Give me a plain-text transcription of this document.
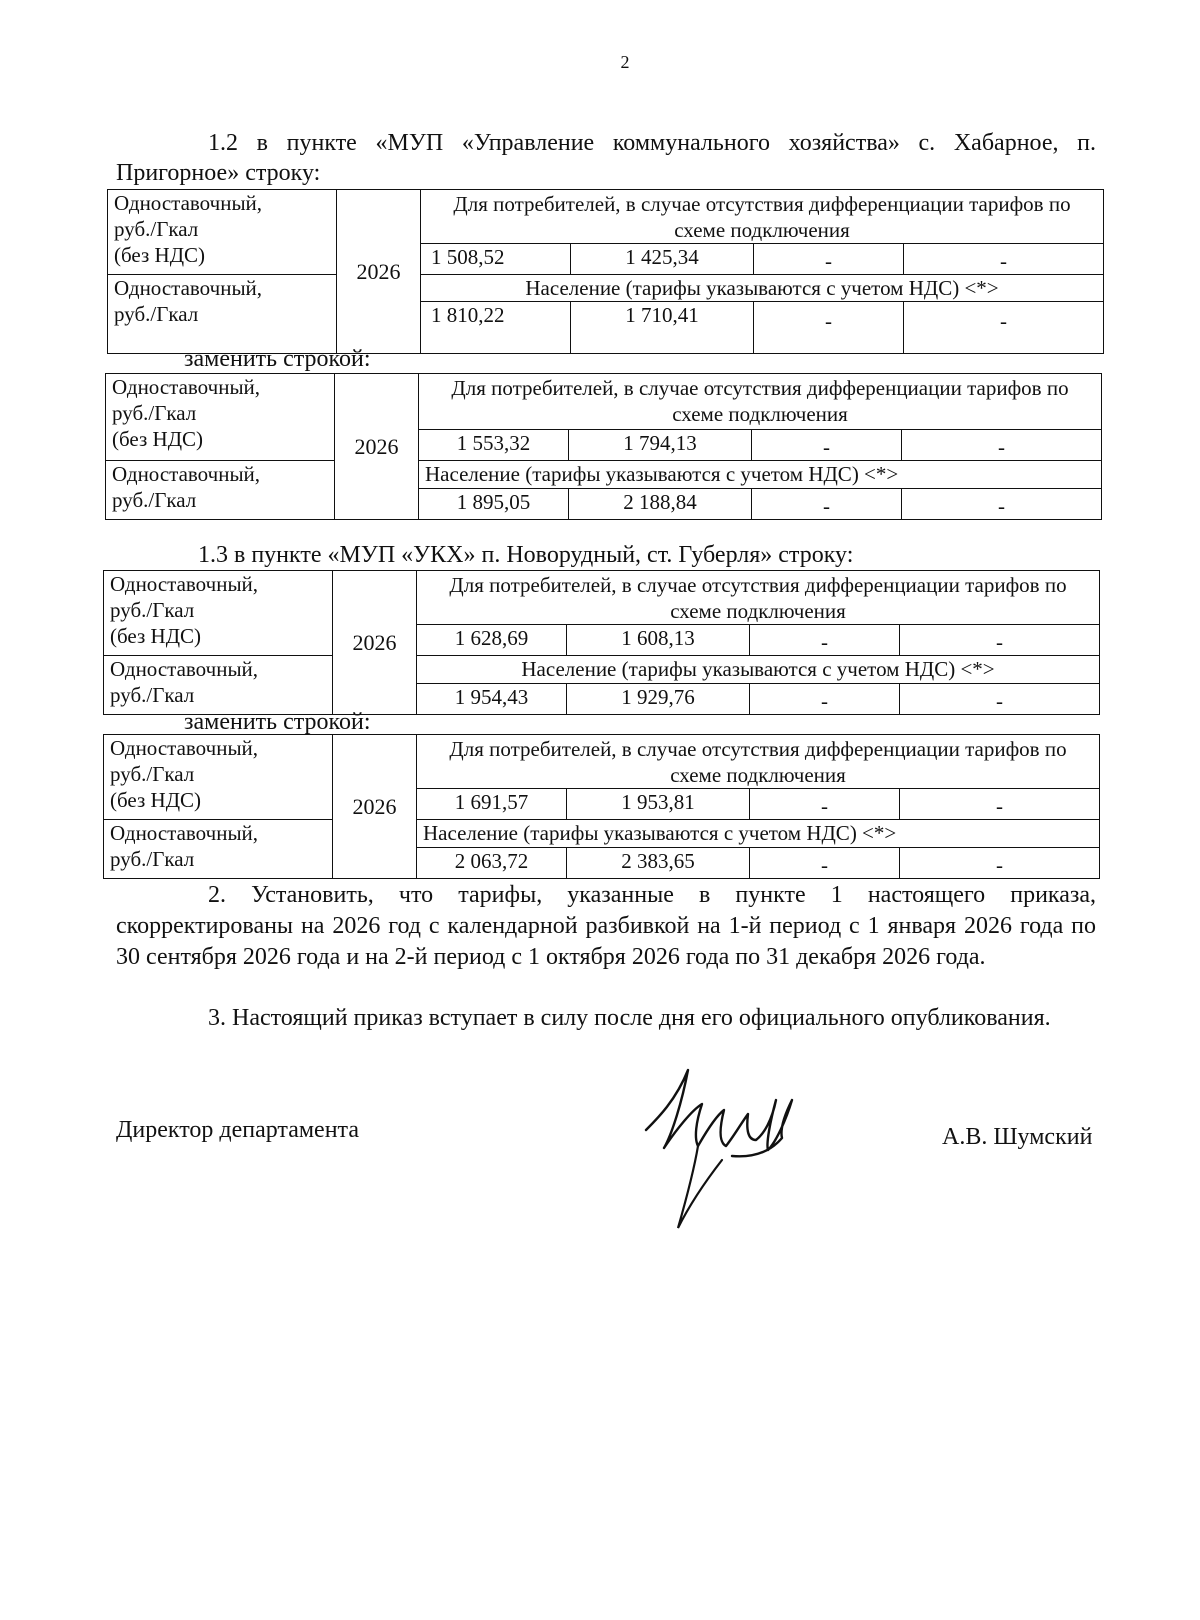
2
1.2 в пункте «МУП «Управление коммунального хозяйства» с. Хабарное, п. Пригорное» строку:
Одноставочный,
руб./Гкал
(без НДС)	2026	Для потребителей, в случае отсутствия дифференциации тарифов по схеме подключения			
		1 508,52	1 425,34	-	-

Одноставочный,
руб./Гкал		Население (тарифы указываются с учетом НДС) <*>			
		1 810,22	1 710,41	-	-
заменить строкой:
Одноставочный,
руб./Гкал
(без НДС)	2026	Для потребителей, в случае отсутствия дифференциации тарифов по схеме подключения			
		1 553,32	1 794,13	-	-

Одноставочный,
руб./Гкал		Население (тарифы указываются с учетом НДС) <*>			
		1 895,05	2 188,84	-	-
1.3 в пункте «МУП «УКХ» п. Новорудный, ст. Губерля» строку:
Одноставочный,
руб./Гкал
(без НДС)	2026	Для потребителей, в случае отсутствия дифференциации тарифов по схеме подключения			
		1 628,69	1 608,13	-	-

Одноставочный,
руб./Гкал		Население (тарифы указываются с учетом НДС) <*>			
		1 954,43	1 929,76	-	-
заменить строкой:
Одноставочный,
руб./Гкал
(без НДС)	2026	Для потребителей, в случае отсутствия дифференциации тарифов по схеме подключения			
		1 691,57	1 953,81	-	-

Одноставочный,
руб./Гкал		Население (тарифы указываются с учетом НДС) <*>			
		2 063,72	2 383,65	-	-
2. Установить, что тарифы, указанные в пункте 1 настоящего приказа, скорректированы на 2026 год с календарной разбивкой на 1-й период с 1 января 2026 года по 30 сентября 2026 года и на 2-й период с 1 октября 2026 года по 31 декабря 2026 года.
3. Настоящий приказ вступает в силу после дня его официального опубликования.
Директор департамента	А.В. Шумский
